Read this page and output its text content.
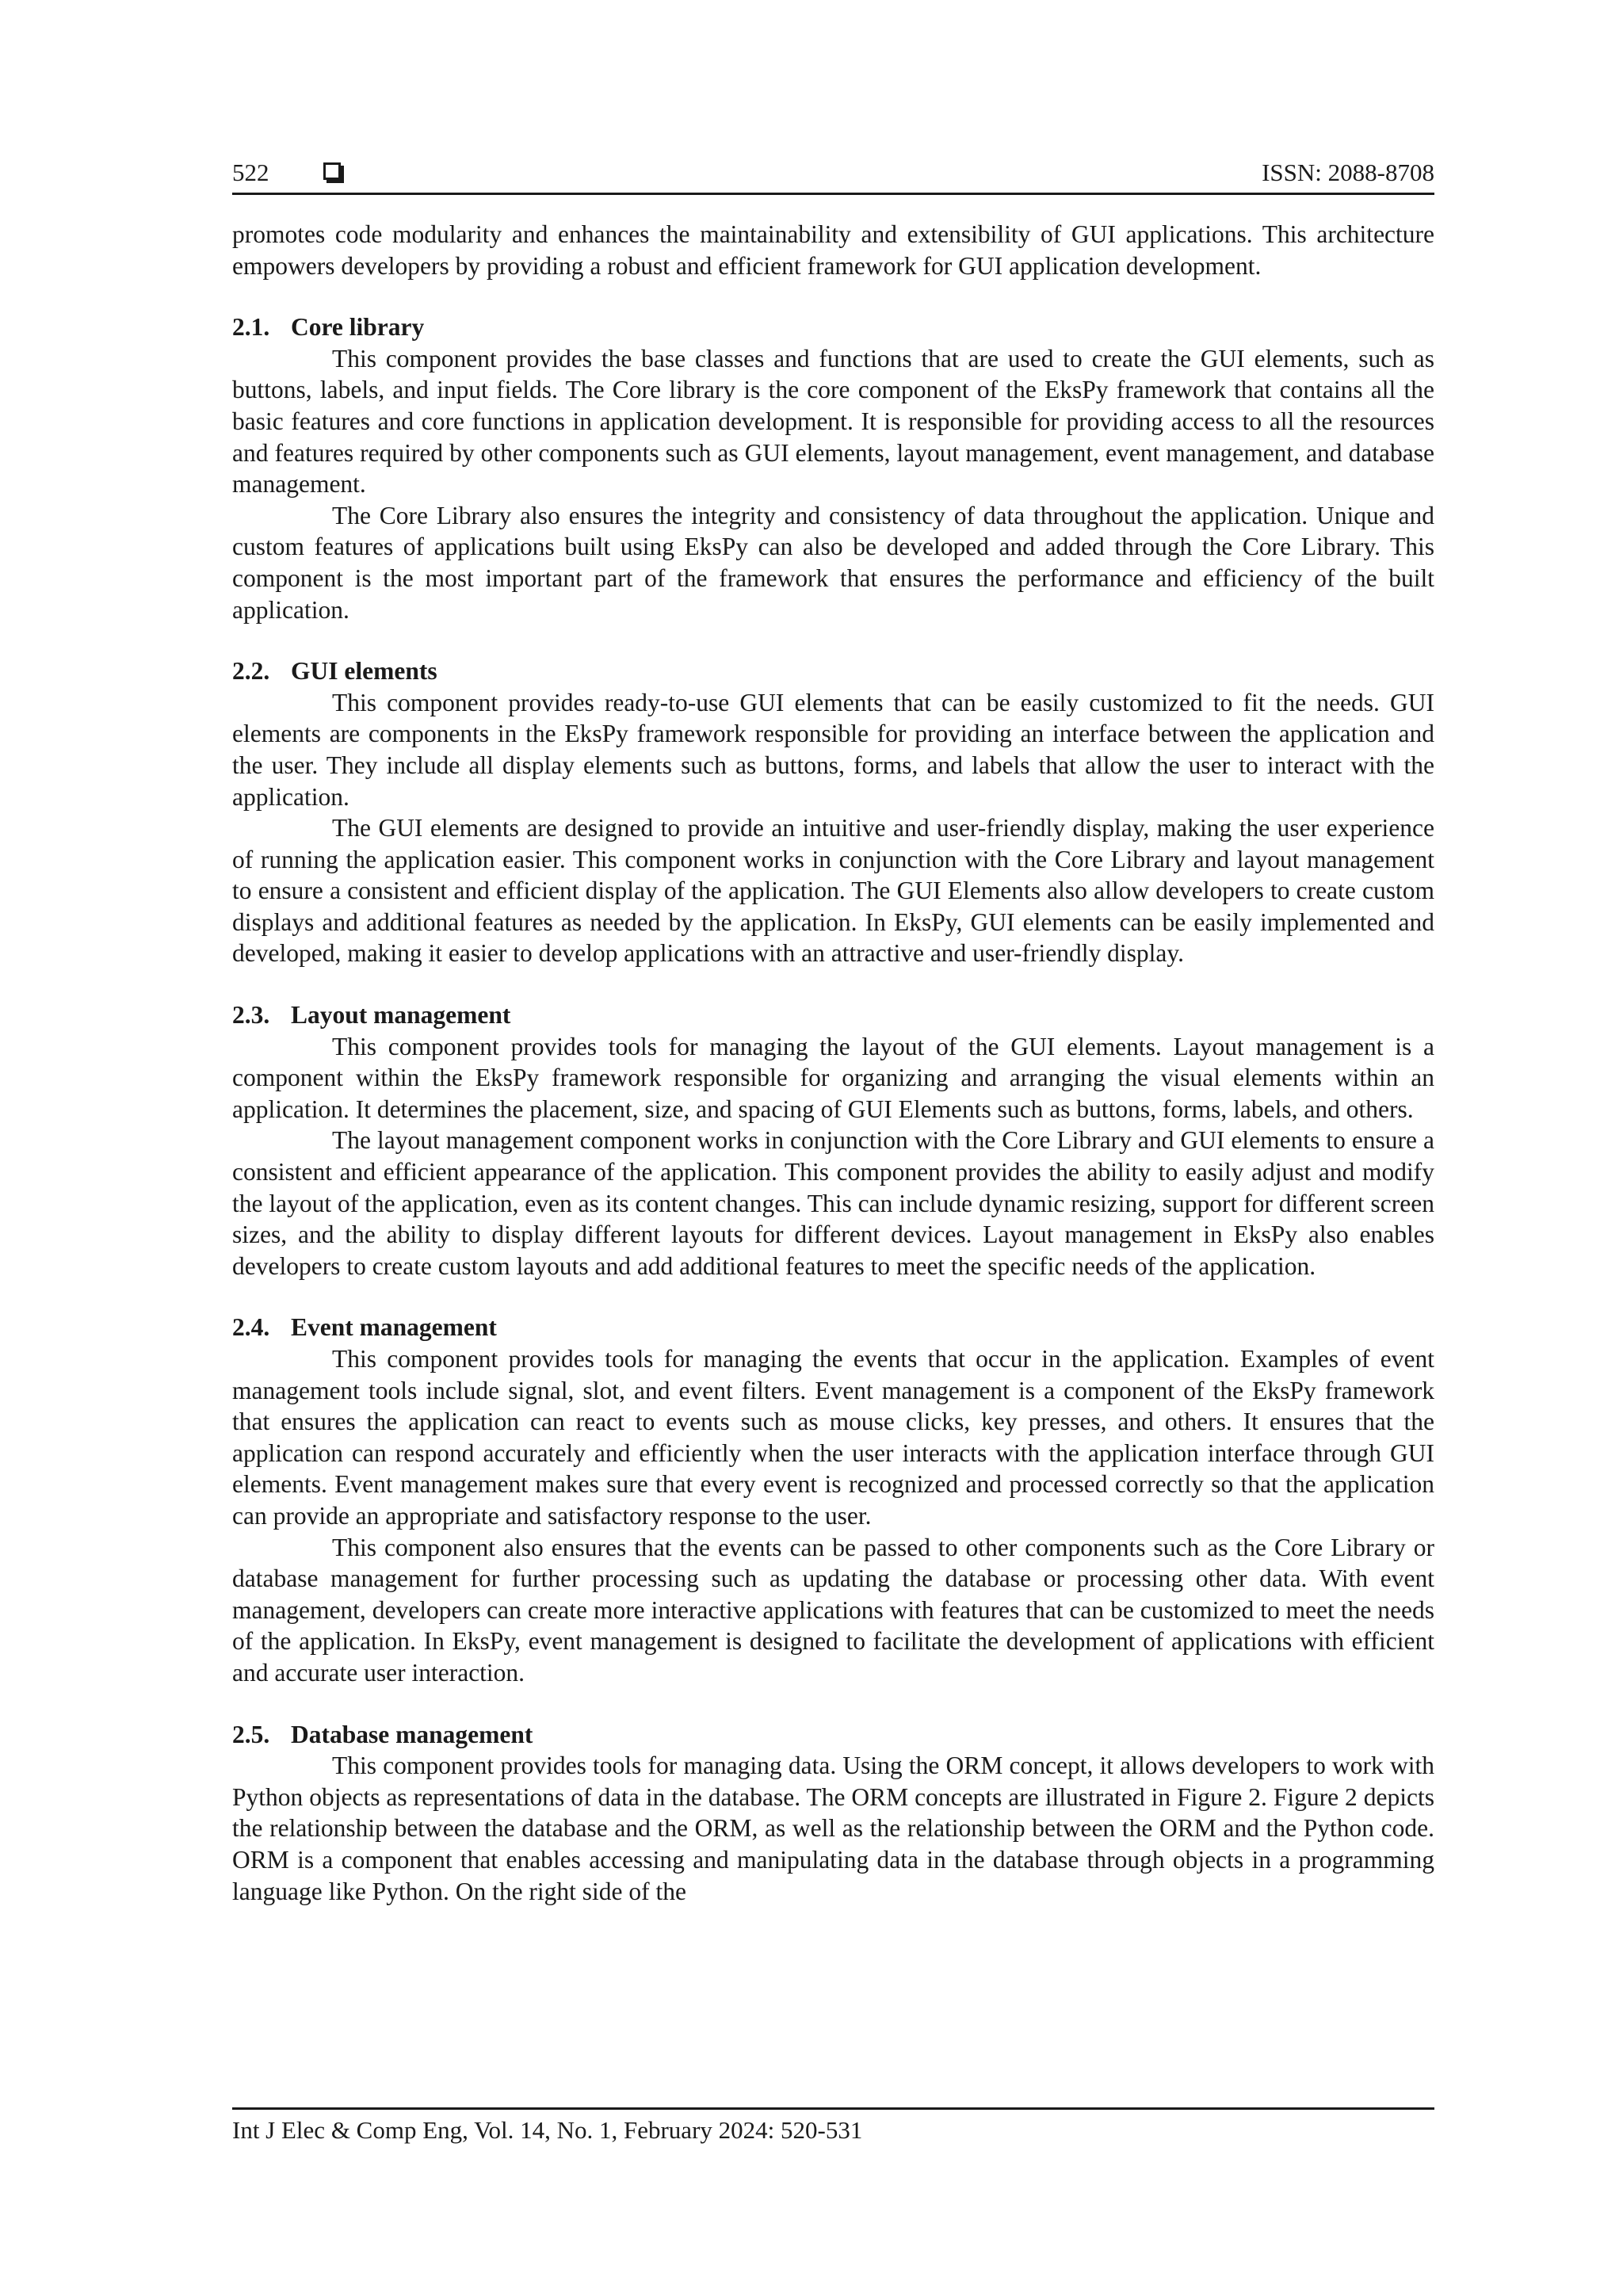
522	ISSN: 2088-8708

promotes code modularity and enhances the maintainability and extensibility of GUI applications. This architecture empowers developers by providing a robust and efficient framework for GUI application development.

2.1. Core library

This component provides the base classes and functions that are used to create the GUI elements, such as buttons, labels, and input fields. The Core library is the core component of the EksPy framework that contains all the basic features and core functions in application development. It is responsible for providing access to all the resources and features required by other components such as GUI elements, layout management, event management, and database management.

The Core Library also ensures the integrity and consistency of data throughout the application. Unique and custom features of applications built using EksPy can also be developed and added through the Core Library. This component is the most important part of the framework that ensures the performance and efficiency of the built application.

2.2. GUI elements

This component provides ready-to-use GUI elements that can be easily customized to fit the needs. GUI elements are components in the EksPy framework responsible for providing an interface between the application and the user. They include all display elements such as buttons, forms, and labels that allow the user to interact with the application.

The GUI elements are designed to provide an intuitive and user-friendly display, making the user experience of running the application easier. This component works in conjunction with the Core Library and layout management to ensure a consistent and efficient display of the application. The GUI Elements also allow developers to create custom displays and additional features as needed by the application. In EksPy, GUI elements can be easily implemented and developed, making it easier to develop applications with an attractive and user-friendly display.

2.3. Layout management

This component provides tools for managing the layout of the GUI elements. Layout management is a component within the EksPy framework responsible for organizing and arranging the visual elements within an application. It determines the placement, size, and spacing of GUI Elements such as buttons, forms, labels, and others.

The layout management component works in conjunction with the Core Library and GUI elements to ensure a consistent and efficient appearance of the application. This component provides the ability to easily adjust and modify the layout of the application, even as its content changes. This can include dynamic resizing, support for different screen sizes, and the ability to display different layouts for different devices. Layout management in EksPy also enables developers to create custom layouts and add additional features to meet the specific needs of the application.

2.4. Event management

This component provides tools for managing the events that occur in the application. Examples of event management tools include signal, slot, and event filters. Event management is a component of the EksPy framework that ensures the application can react to events such as mouse clicks, key presses, and others. It ensures that the application can respond accurately and efficiently when the user interacts with the application interface through GUI elements. Event management makes sure that every event is recognized and processed correctly so that the application can provide an appropriate and satisfactory response to the user.

This component also ensures that the events can be passed to other components such as the Core Library or database management for further processing such as updating the database or processing other data. With event management, developers can create more interactive applications with features that can be customized to meet the needs of the application. In EksPy, event management is designed to facilitate the development of applications with efficient and accurate user interaction.

2.5. Database management

This component provides tools for managing data. Using the ORM concept, it allows developers to work with Python objects as representations of data in the database. The ORM concepts are illustrated in Figure 2. Figure 2 depicts the relationship between the database and the ORM, as well as the relationship between the ORM and the Python code. ORM is a component that enables accessing and manipulating data in the database through objects in a programming language like Python. On the right side of the

Int J Elec & Comp Eng, Vol. 14, No. 1, February 2024: 520-531
